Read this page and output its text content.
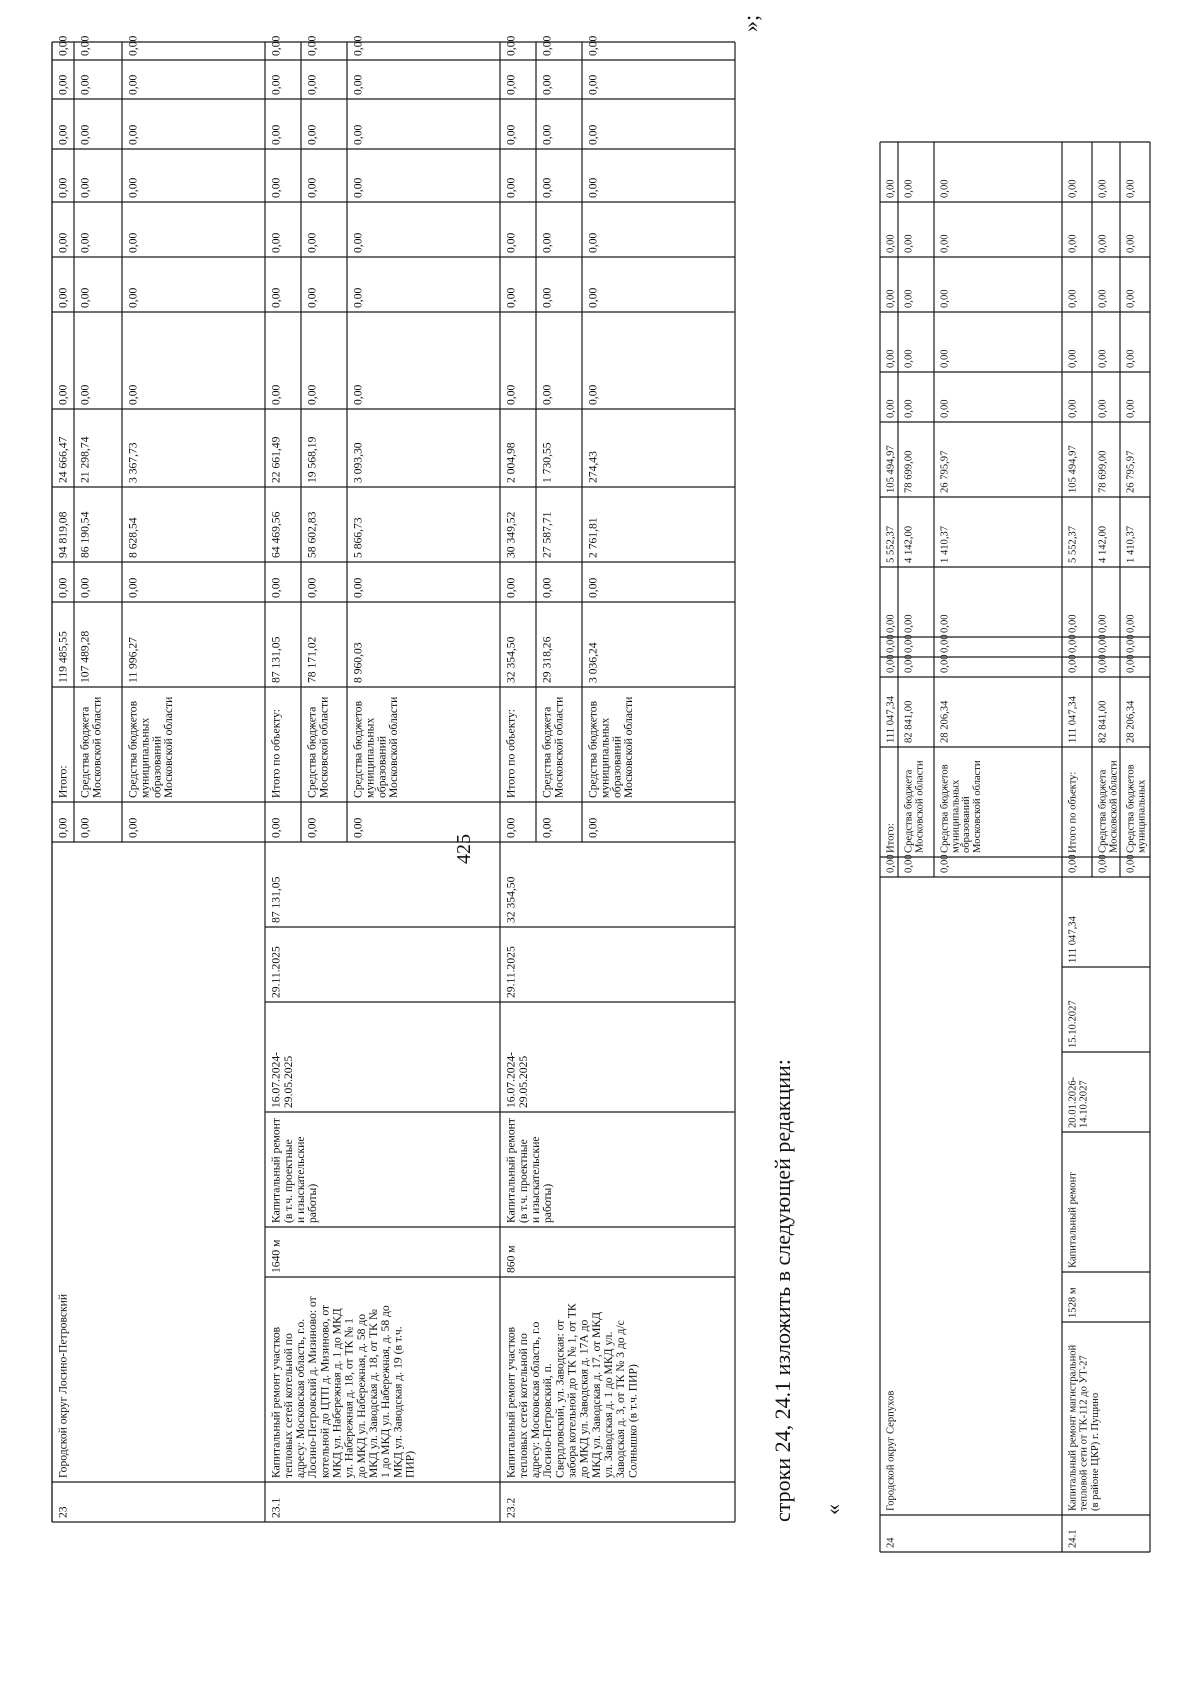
23
Городской округ Лосино-Петровский
0,00
Итого:
119 485,55
0,00
94 819,08
24 666,47
0,00
0,00
0,00
0,00
0,00
0,00
0,00
0,00
Средства бюджетаМосковской области
107 489,28
0,00
86 190,54
21 298,74
0,00
0,00
0,00
0,00
0,00
0,00
0,00
0,00
Средства бюджетовмуниципальныхобразованийМосковской области
11 996,27
0,00
8 628,54
3 367,73
0,00
0,00
0,00
0,00
0,00
0,00
0,00
23.1
Капитальный ремонт участковтепловых сетей котельной поадресу: Московская область, г.о.Лосино-Петровский д. Мизиново: откотельной до ЦТП д. Мизиново, отМКД ул. Набережная д. 1 до МКДул. Набережная д. 18, от ТК № 1до МКД ул. Набережная, д. 58 доМКД ул. Заводская д. 18, от ТК №1 до МКД ул. Набережная, д. 58 доМКД ул. Заводская д. 19 (в т.ч.ПИР)
1640 м
Капитальный ремонт(в т.ч. проектныеи изыскательскиеработы)
16.07.2024-29.05.2025
29.11.2025
87 131,05
0,00
Итого по объекту:
87 131,05
0,00
64 469,56
22 661,49
0,00
0,00
0,00
0,00
0,00
0,00
0,00
0,00
Средства бюджетаМосковской области
78 171,02
0,00
58 602,83
19 568,19
0,00
0,00
0,00
0,00
0,00
0,00
0,00
0,00
Средства бюджетовмуниципальныхобразованийМосковской области
8 960,03
0,00
5 866,73
3 093,30
0,00
0,00
0,00
0,00
0,00
0,00
0,00
23.2
Капитальный ремонт участковтепловых сетей котельной поадресу: Московская область, г.оЛосино-Петровский, п.Свердловский, ул. Заводская: отзабора котельной до ТК № 1, от ТКдо МКД ул. Заводская д. 17А доМКД ул. Заводская д. 17, от МКДул. Заводская д. 1 до МКД ул.Заводская д. 3, от ТК № 3 до д/сСолнышко (в т.ч. ПИР)
860 м
Капитальный ремонт(в т.ч. проектныеи изыскательскиеработы)
16.07.2024-29.05.2025
29.11.2025
32 354,50
0,00
Итого по объекту:
32 354,50
0,00
30 349,52
2 004,98
0,00
0,00
0,00
0,00
0,00
0,00
0,00
0,00
Средства бюджетаМосковской области
29 318,26
0,00
27 587,71
1 730,55
0,00
0,00
0,00
0,00
0,00
0,00
0,00
0,00
Средства бюджетовмуниципальныхобразованийМосковской области
3 036,24
0,00
2 761,81
274,43
0,00
0,00
0,00
0,00
0,00
0,00
0,00
строки 24, 24.1 изложить в следующей редакции: «
»;
425
24
Городской округ Серпухов
0,00
Итого:
111 047,34
0,00
0,00
0,00
5 552,37
105 494,97
0,00
0,00
0,00
0,00
0,00
0,00
Средства бюджетаМосковской области
82 841,00
0,00
0,00
0,00
4 142,00
78 699,00
0,00
0,00
0,00
0,00
0,00
0,00
Средства бюджетовмуниципальныхобразованийМосковской области
28 206,34
0,00
0,00
0,00
1 410,37
26 795,97
0,00
0,00
0,00
0,00
0,00
24.1
Капитальный ремонт магистральнойтепловой сети от ТК-112 до УТ-27(в районе ЦКР) г. Пущино
1528 м
Капитальный ремонт
20.01.2026-14.10.2027
15.10.2027
111 047,34
0,00
Итого по объекту:
111 047,34
0,00
0,00
0,00
5 552,37
105 494,97
0,00
0,00
0,00
0,00
0,00
0,00
Средства бюджетаМосковской области
82 841,00
0,00
0,00
0,00
4 142,00
78 699,00
0,00
0,00
0,00
0,00
0,00
0,00
Средства бюджетовмуниципальных
28 206,34
0,00
0,00
0,00
1 410,37
26 795,97
0,00
0,00
0,00
0,00
0,00
